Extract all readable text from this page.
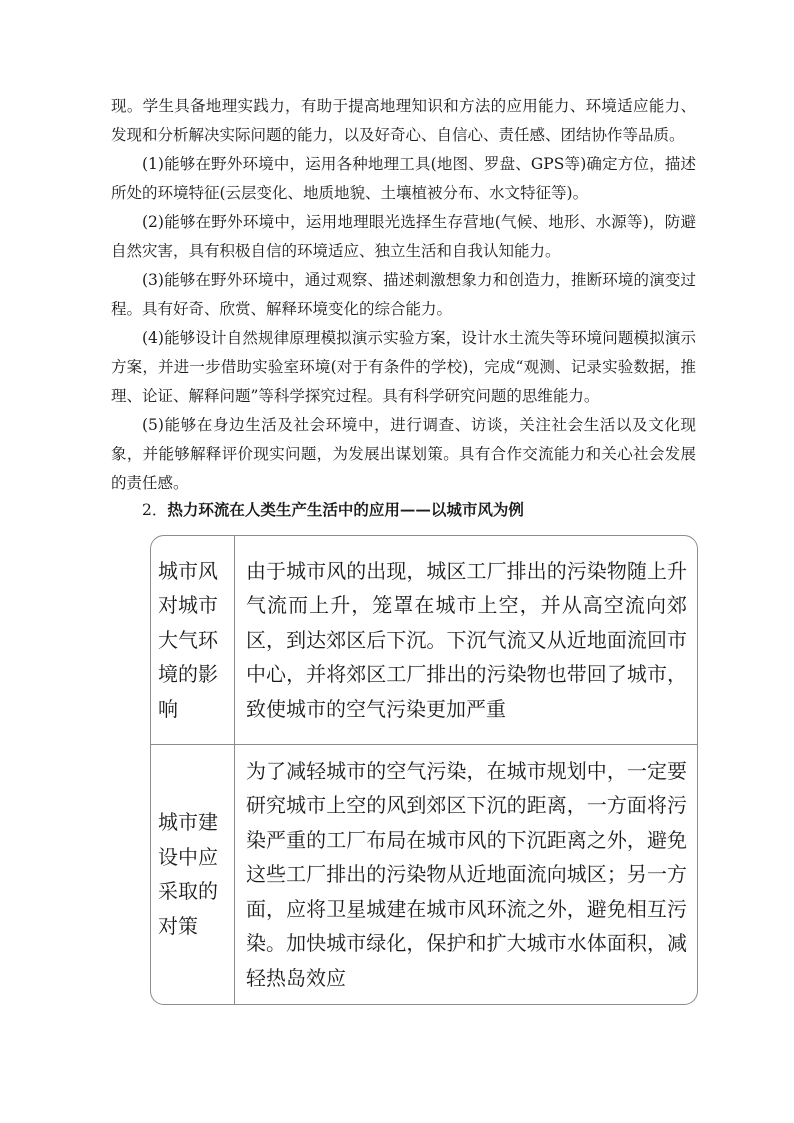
现。学生具备地理实践力，有助于提高地理知识和方法的应用能力、环境适应能力、发现和分析解决实际问题的能力，以及好奇心、自信心、责任感、团结协作等品质。

(1)能够在野外环境中，运用各种地理工具(地图、罗盘、GPS等)确定方位，描述所处的环境特征(云层变化、地质地貌、土壤植被分布、水文特征等)。

(2)能够在野外环境中，运用地理眼光选择生存营地(气候、地形、水源等)，防避自然灾害，具有积极自信的环境适应、独立生活和自我认知能力。

(3)能够在野外环境中，通过观察、描述刺激想象力和创造力，推断环境的演变过程。具有好奇、欣赏、解释环境变化的综合能力。

(4)能够设计自然规律原理模拟演示实验方案，设计水土流失等环境问题模拟演示方案，并进一步借助实验室环境(对于有条件的学校)，完成“观测、记录实验数据，推理、论证、解释问题”等科学探究过程。具有科学研究问题的思维能力。

(5)能够在身边生活及社会环境中，进行调查、访谈，关注社会生活以及文化现象，并能够解释评价现实问题，为发展出谋划策。具有合作交流能力和关心社会发展的责任感。

2．热力环流在人类生产生活中的应用——以城市风为例
城市风对城市大气环境的影响	由于城市风的出现，城区工厂排出的污染物随上升气流而上升，笼罩在城市上空，并从高空流向郊区，到达郊区后下沉。下沉气流又从近地面流回市中心，并将郊区工厂排出的污染物也带回了城市，致使城市的空气污染更加严重
城市建设中应采取的对策	为了减轻城市的空气污染，在城市规划中，一定要研究城市上空的风到郊区下沉的距离，一方面将污染严重的工厂布局在城市风的下沉距离之外，避免这些工厂排出的污染物从近地面流向城区；另一方面，应将卫星城建在城市风环流之外，避免相互污染。加快城市绿化，保护和扩大城市水体面积，减轻热岛效应
